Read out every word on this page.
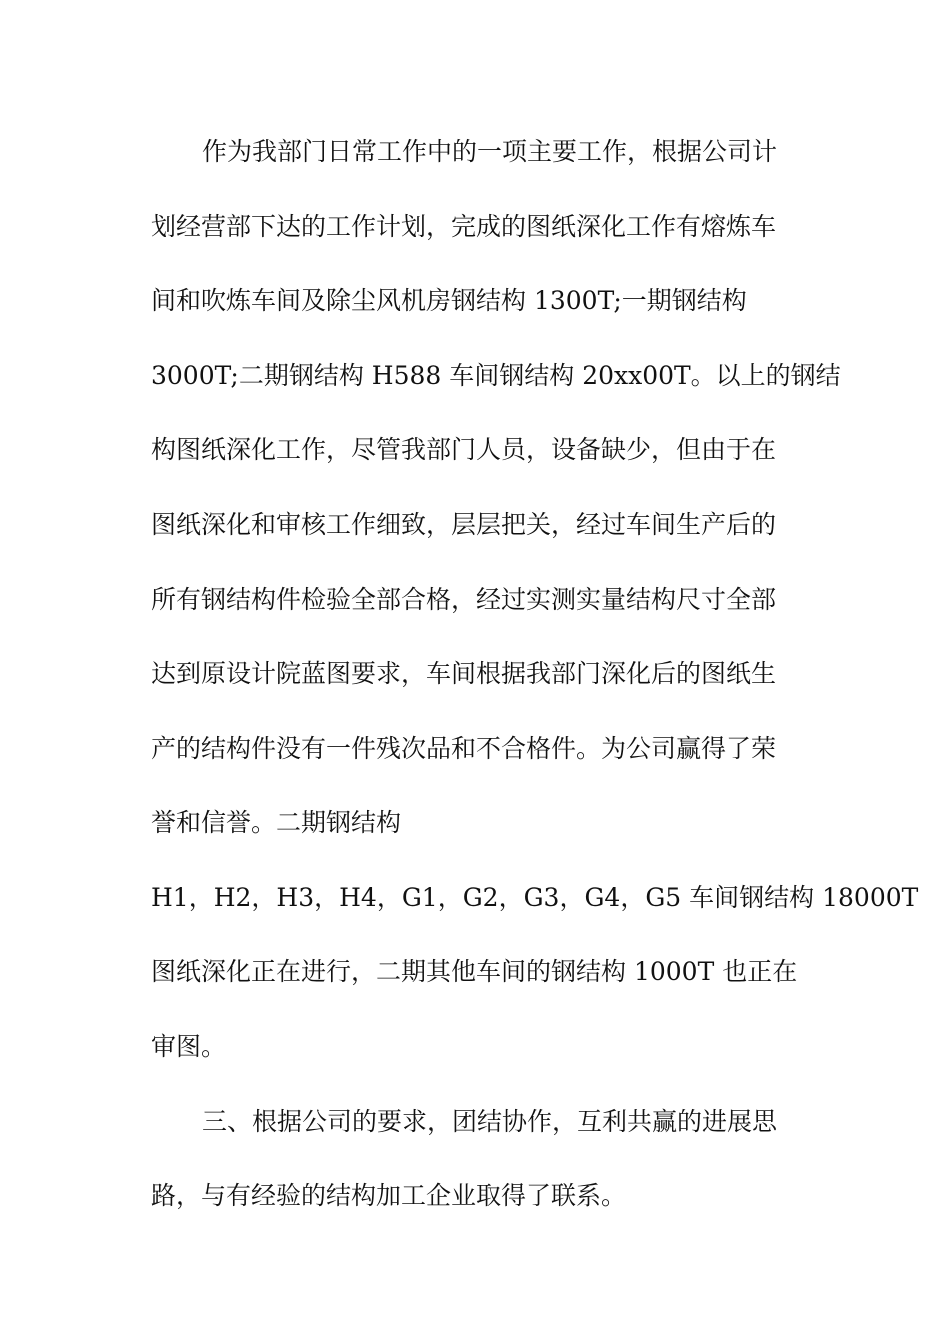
作为我部门日常工作中的一项主要工作，根据公司计

划经营部下达的工作计划，完成的图纸深化工作有熔炼车

间和吹炼车间及除尘风机房钢结构 1300T;一期钢结构

3000T;二期钢结构 H588 车间钢结构 20xx00T。以上的钢结

构图纸深化工作，尽管我部门人员，设备缺少，但由于在

图纸深化和审核工作细致，层层把关，经过车间生产后的

所有钢结构件检验全部合格，经过实测实量结构尺寸全部

达到原设计院蓝图要求，车间根据我部门深化后的图纸生

产的结构件没有一件残次品和不合格件。为公司赢得了荣

誉和信誉。二期钢结构

H1，H2，H3，H4，G1，G2，G3，G4，G5 车间钢结构 18000T

图纸深化正在进行，二期其他车间的钢结构 1000T 也正在

审图。

三、根据公司的要求，团结协作，互利共赢的进展思

路，与有经验的结构加工企业取得了联系。
